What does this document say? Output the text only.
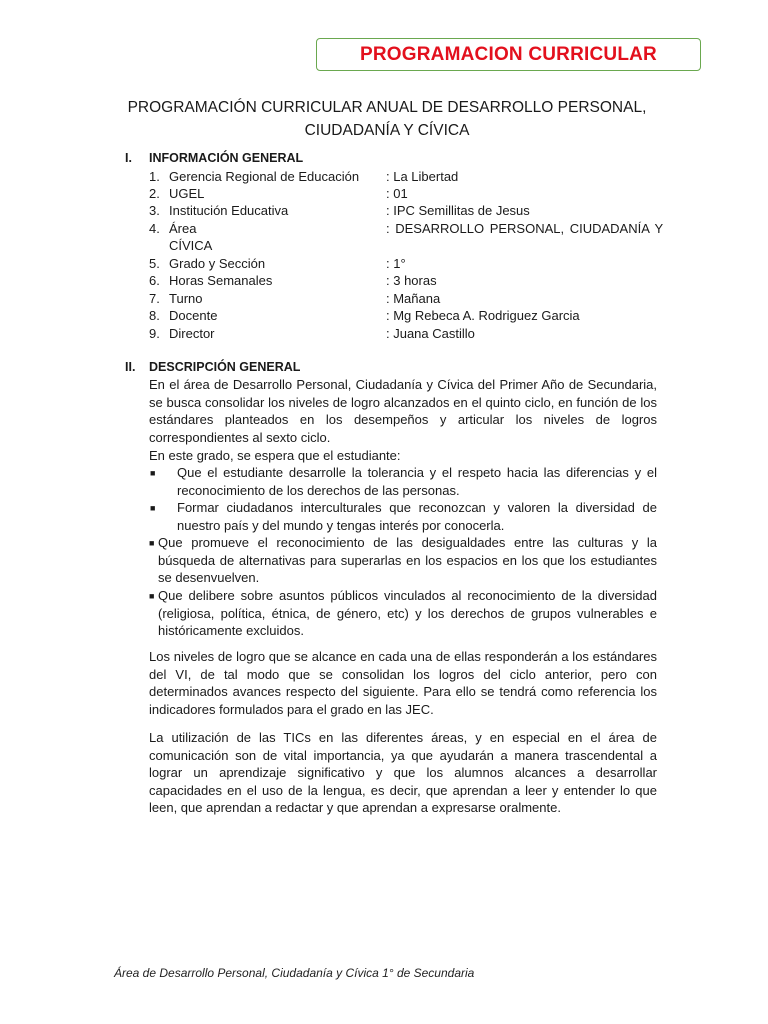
PROGRAMACION CURRICULAR
PROGRAMACIÓN CURRICULAR ANUAL DE DESARROLLO PERSONAL,
CIUDADANÍA Y CÍVICA
I. INFORMACIÓN GENERAL
1. Gerencia Regional de Educación : La Libertad
2. UGEL	: 01
3. Institución Educativa	: IPC Semillitas de Jesus
4. Área	: DESARROLLO PERSONAL, CIUDADANÍA Y
CÍVICA
5. Grado y Sección	: 1°
6. Horas Semanales	: 3 horas
7. Turno	: Mañana
8. Docente	: Mg Rebeca A. Rodriguez Garcia
9. Director	: Juana Castillo
II. DESCRIPCIÓN GENERAL
En el área de Desarrollo Personal, Ciudadanía y Cívica del Primer Año de Secundaria, se busca consolidar los niveles de logro alcanzados en el quinto ciclo, en función de los estándares planteados en los desempeños y articular los niveles de logros correspondientes al sexto ciclo.
En este grado, se espera que el estudiante:
■ Que el estudiante desarrolle la tolerancia y el respeto hacia las diferencias y el reconocimiento de los derechos de las personas.
■ Formar ciudadanos interculturales que reconozcan y valoren la diversidad de nuestro país y del mundo y tengas interés por conocerla.
■ Que promueve el reconocimiento de las desigualdades entre las culturas y la búsqueda de alternativas para superarlas en los espacios en los que los estudiantes se desenvuelven.
■ Que delibere sobre asuntos públicos vinculados al reconocimiento de la diversidad (religiosa, política, étnica, de género, etc) y los derechos de grupos vulnerables e históricamente excluidos.
Los niveles de logro que se alcance en cada una de ellas responderán a los estándares del VI, de tal modo que se consolidan los logros del ciclo anterior, pero con determinados avances respecto del siguiente. Para ello se tendrá como referencia los indicadores formulados para el grado en las JEC.
La utilización de las TICs en las diferentes áreas, y en especial en el área de comunicación son de vital importancia, ya que ayudarán a manera trascendental a lograr un aprendizaje significativo y que los alumnos alcances a desarrollar capacidades en el uso de la lengua, es decir, que aprendan a leer y entender lo que leen, que aprendan a redactar y que aprendan a expresarse oralmente.
Área de Desarrollo Personal, Ciudadanía y Cívica 1° de Secundaria
